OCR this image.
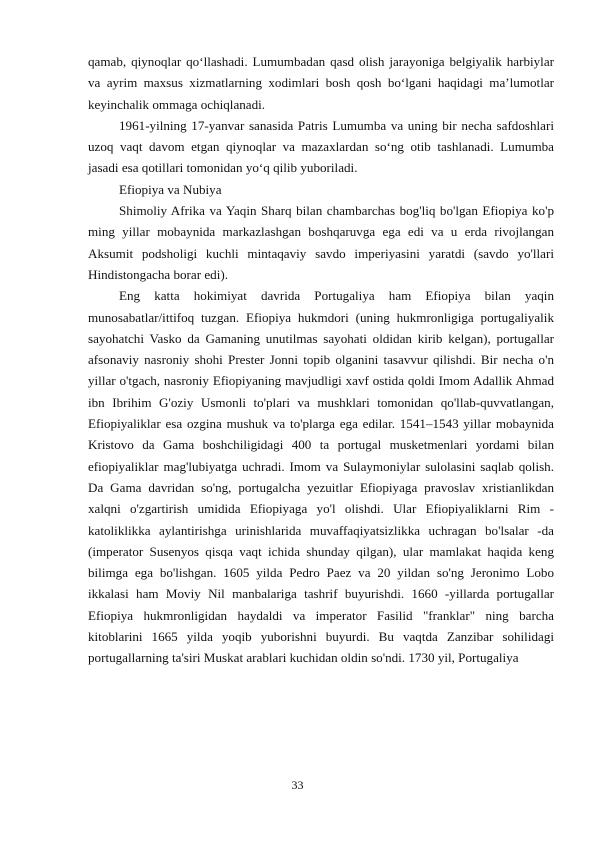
qamab, qiynoqlar qo‘llashadi. Lumumbadan qasd olish jarayoniga belgiyalik harbiylar va ayrim maxsus xizmatlarning xodimlari bosh qosh bo‘lgani haqidagi ma’lumotlar keyinchalik ommaga ochiqlanadi.

1961-yilning 17-yanvar sanasida Patris Lumumba va uning bir necha safdoshlari uzoq vaqt davom etgan qiynoqlar va mazaxlardan so‘ng otib tashlanadi. Lumumba jasadi esa qotillari tomonidan yo‘q qilib yuboriladi.

Efiopiya va Nubiya

Shimoliy Afrika va Yaqin Sharq bilan chambarchas bog'liq bo'lgan Efiopiya ko'p ming yillar mobaynida markazlashgan boshqaruvga ega edi va u erda rivojlangan Aksumit podsholigi kuchli mintaqaviy savdo imperiyasini yaratdi (savdo yo'llari Hindistongacha borar edi).

Eng katta hokimiyat davrida Portugaliya ham Efiopiya bilan yaqin munosabatlar/ittifoq tuzgan. Efiopiya hukmdori (uning hukmronligiga portugaliyalik sayohatchi Vasko da Gamaning unutilmas sayohati oldidan kirib kelgan), portugallar afsonaviy nasroniy shohi Prester Jonni topib olganini tasavvur qilishdi. Bir necha o'n yillar o'tgach, nasroniy Efiopiyaning mavjudligi xavf ostida qoldi Imom Adallik Ahmad ibn Ibrihim G'oziy Usmonli to'plari va mushklari tomonidan qo'llab-quvvatlangan, Efiopiyaliklar esa ozgina mushuk va to'plarga ega edilar. 1541–1543 yillar mobaynida Kristovo da Gama boshchiligidagi 400 ta portugal musketmenlari yordami bilan efiopiyaliklar mag'lubiyatga uchradi. Imom va Sulaymoniylar sulolasini saqlab qolish. Da Gama davridan so'ng, portugalcha yezuitlar Efiopiyaga pravoslav xristianlikdan xalqni o'zgartirish umidida Efiopiyaga yo'l olishdi. Ular Efiopiyaliklarni Rim -katoliklikka aylantirishga urinishlarida muvaffaqiyatsizlikka uchragan bo'lsalar -da (imperator Susenyos qisqa vaqt ichida shunday qilgan), ular mamlakat haqida keng bilimga ega bo'lishgan. 1605 yilda Pedro Paez va 20 yildan so'ng Jeronimo Lobo ikkalasi ham Moviy Nil manbalariga tashrif buyurishdi. 1660 -yillarda portugallar Efiopiya hukmronligidan haydaldi va imperator Fasilid "franklar" ning barcha kitoblarini 1665 yilda yoqib yuborishni buyurdi. Bu vaqtda Zanzibar sohilidagi portugallarning ta'siri Muskat arablari kuchidan oldin so'ndi. 1730 yil, Portugaliya

33
